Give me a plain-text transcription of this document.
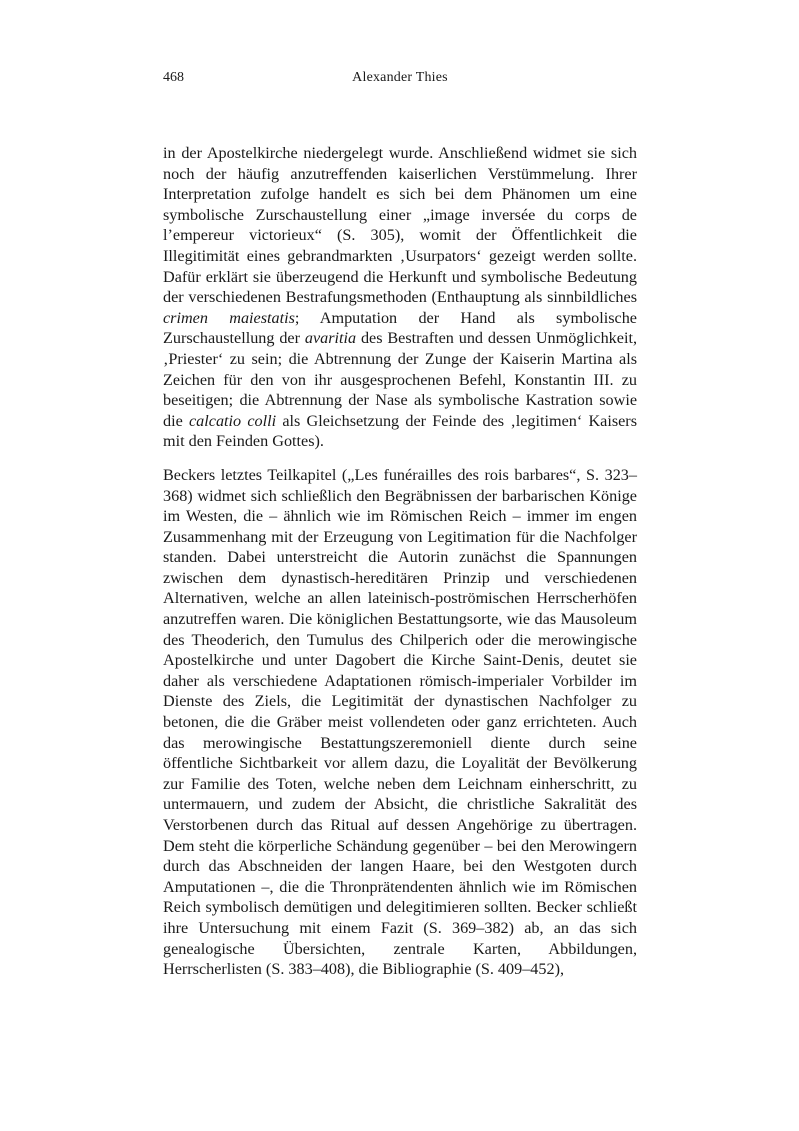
468	Alexander Thies

in der Apostelkirche niedergelegt wurde. Anschließend widmet sie sich noch der häufig anzutreffenden kaiserlichen Verstümmelung. Ihrer Interpretation zufolge handelt es sich bei dem Phänomen um eine symbolische Zurschaustellung einer „image inversée du corps de l’empereur victorieux“ (S. 305), womit der Öffentlichkeit die Illegitimität eines gebrandmarkten ‚Usurpators‘ gezeigt werden sollte. Dafür erklärt sie überzeugend die Herkunft und symbolische Bedeutung der verschiedenen Bestrafungsmethoden (Enthauptung als sinnbildliches crimen maiestatis; Amputation der Hand als symbolische Zurschaustellung der avaritia des Bestraften und dessen Unmöglichkeit, ‚Priester‘ zu sein; die Abtrennung der Zunge der Kaiserin Martina als Zeichen für den von ihr ausgesprochenen Befehl, Konstantin III. zu beseitigen; die Abtrennung der Nase als symbolische Kastration sowie die calcatio colli als Gleichsetzung der Feinde des ‚legitimen‘ Kaisers mit den Feinden Gottes).

Beckers letztes Teilkapitel („Les funérailles des rois barbares“, S. 323–368) widmet sich schließlich den Begräbnissen der barbarischen Könige im Westen, die – ähnlich wie im Römischen Reich – immer im engen Zusammenhang mit der Erzeugung von Legitimation für die Nachfolger standen. Dabei unterstreicht die Autorin zunächst die Spannungen zwischen dem dynastisch-hereditären Prinzip und verschiedenen Alternativen, welche an allen lateinisch-poströmischen Herrscherhöfen anzutreffen waren. Die königlichen Bestattungsorte, wie das Mausoleum des Theoderich, den Tumulus des Chilperich oder die merowingische Apostelkirche und unter Dagobert die Kirche Saint-Denis, deutet sie daher als verschiedene Adaptationen römisch-imperialer Vorbilder im Dienste des Ziels, die Legitimität der dynastischen Nachfolger zu betonen, die die Gräber meist vollendeten oder ganz errichteten. Auch das merowingische Bestattungszeremoniell diente durch seine öffentliche Sichtbarkeit vor allem dazu, die Loyalität der Bevölkerung zur Familie des Toten, welche neben dem Leichnam einherschritt, zu untermauern, und zudem der Absicht, die christliche Sakralität des Verstorbenen durch das Ritual auf dessen Angehörige zu übertragen. Dem steht die körperliche Schändung gegenüber – bei den Merowingern durch das Abschneiden der langen Haare, bei den Westgoten durch Amputationen –, die die Thronprätendenten ähnlich wie im Römischen Reich symbolisch demütigen und delegitimieren sollten. Becker schließt ihre Untersuchung mit einem Fazit (S. 369–382) ab, an das sich genealogische Übersichten, zentrale Karten, Abbildungen, Herrscherlisten (S. 383–408), die Bibliographie (S. 409–452),
